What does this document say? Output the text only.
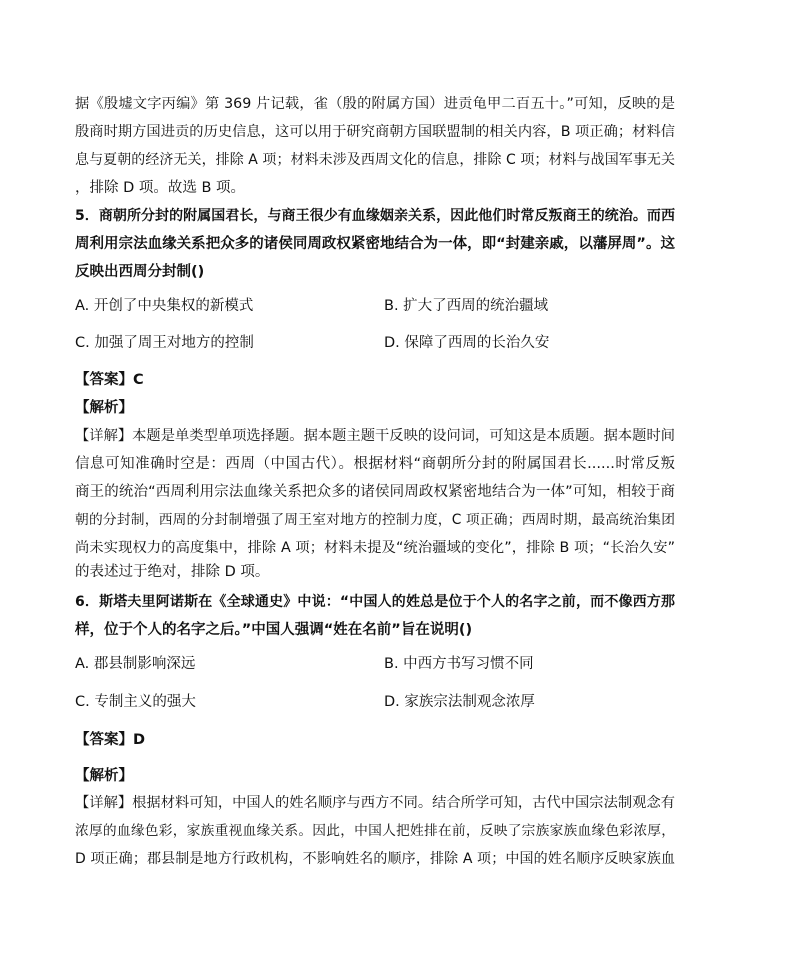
据《殷墟文字丙编》第 369 片记载，雀（殷的附属方国）进贡龟甲二百五十。”可知，反映的是
殷商时期方国进贡的历史信息，这可以用于研究商朝方国联盟制的相关内容，B 项正确；材料信
息与夏朝的经济无关，排除 A 项；材料未涉及西周文化的信息，排除 C 项；材料与战国军事无关
，排除 D 项。故选 B 项。
5．商朝所分封的附属国君长，与商王很少有血缘姻亲关系，因此他们时常反叛商王的统治。而西
周利用宗法血缘关系把众多的诸侯同周政权紧密地结合为一体，即“封建亲戚，以藩屏周”。这
反映出西周分封制()
A. 开创了中央集权的新模式	B. 扩大了西周的统治疆域
C. 加强了周王对地方的控制	D. 保障了西周的长治久安
【答案】C
【解析】
【详解】本题是单类型单项选择题。据本题主题干反映的设问词，可知这是本质题。据本题时间
信息可知准确时空是：西周（中国古代）。根据材料“商朝所分封的附属国君长......时常反叛
商王的统治“西周利用宗法血缘关系把众多的诸侯同周政权紧密地结合为一体”可知，相较于商
朝的分封制，西周的分封制增强了周王室对地方的控制力度，C 项正确；西周时期，最高统治集团
尚未实现权力的高度集中，排除 A 项；材料未提及“统治疆域的变化”，排除 B 项；“长治久安”
的表述过于绝对，排除 D 项。
6．斯塔夫里阿诺斯在《全球通史》中说：“中国人的姓总是位于个人的名字之前，而不像西方那
样，位于个人的名字之后。”中国人强调“姓在名前”旨在说明()
A. 郡县制影响深远	B. 中西方书写习惯不同
C. 专制主义的强大	D. 家族宗法制观念浓厚
【答案】D
【解析】
【详解】根据材料可知，中国人的姓名顺序与西方不同。结合所学可知，古代中国宗法制观念有
浓厚的血缘色彩，家族重视血缘关系。因此，中国人把姓排在前，反映了宗族家族血缘色彩浓厚，
D 项正确；郡县制是地方行政机构，不影响姓名的顺序，排除 A 项；中国的姓名顺序反映家族血
